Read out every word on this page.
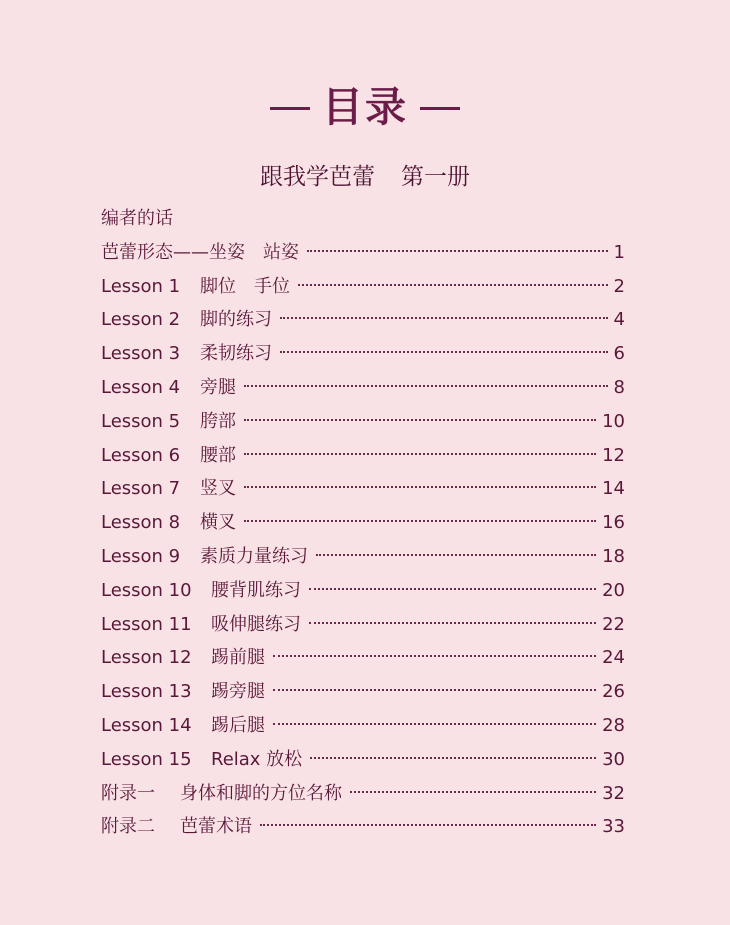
目录
跟我学芭蕾 第一册
编者的话
芭蕾形态——坐姿　站姿	1
Lesson 1	脚位　手位	2
Lesson 2	脚的练习	4
Lesson 3	柔韧练习	6
Lesson 4	旁腿	8
Lesson 5	胯部	10
Lesson 6	腰部	12
Lesson 7	竖叉	14
Lesson 8	横叉	16
Lesson 9	素质力量练习	18
Lesson 10	腰背肌练习	20
Lesson 11	吸伸腿练习	22
Lesson 12	踢前腿	24
Lesson 13	踢旁腿	26
Lesson 14	踢后腿	28
Lesson 15	Relax 放松	30
附录一	身体和脚的方位名称	32
附录二	芭蕾术语	33
